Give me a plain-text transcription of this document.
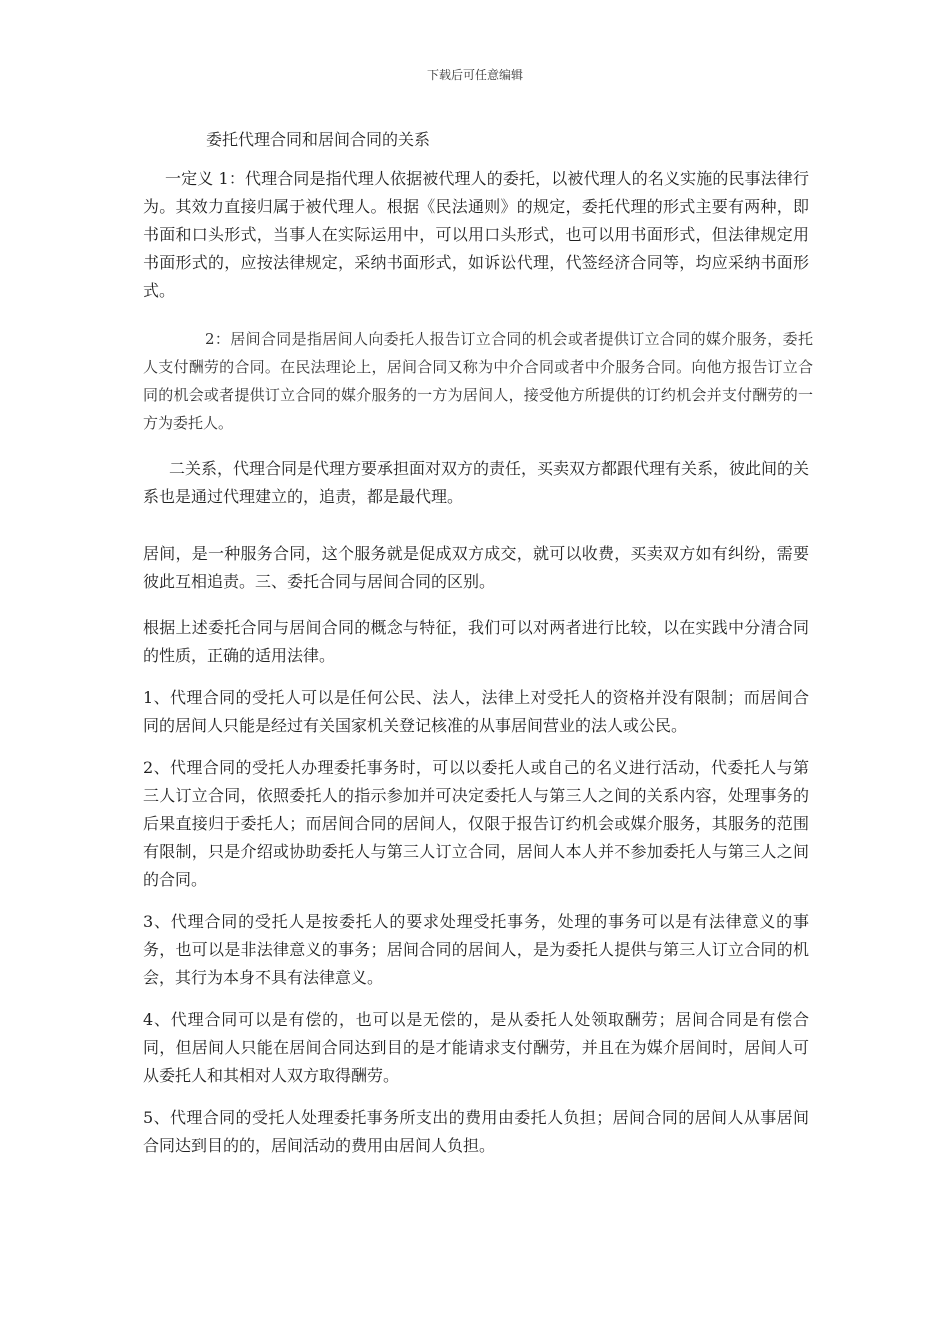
下载后可任意编辑
委托代理合同和居间合同的关系
一定义 1：代理合同是指代理人依据被代理人的委托，以被代理人的名义实施的民事法律行为。其效力直接归属于被代理人。根据《民法通则》的规定，委托代理的形式主要有两种，即书面和口头形式，当事人在实际运用中，可以用口头形式，也可以用书面形式，但法律规定用书面形式的，应按法律规定，采纳书面形式，如诉讼代理，代签经济合同等，均应采纳书面形式。
2：居间合同是指居间人向委托人报告订立合同的机会或者提供订立合同的媒介服务，委托人支付酬劳的合同。在民法理论上，居间合同又称为中介合同或者中介服务合同。向他方报告订立合同的机会或者提供订立合同的媒介服务的一方为居间人，接受他方所提供的订约机会并支付酬劳的一方为委托人。
二关系，代理合同是代理方要承担面对双方的责任，买卖双方都跟代理有关系，彼此间的关系也是通过代理建立的，追责，都是最代理。
居间，是一种服务合同，这个服务就是促成双方成交，就可以收费，买卖双方如有纠纷，需要彼此互相追责。三、委托合同与居间合同的区别。
根据上述委托合同与居间合同的概念与特征，我们可以对两者进行比较，以在实践中分清合同的性质，正确的适用法律。
1、代理合同的受托人可以是任何公民、法人，法律上对受托人的资格并没有限制；而居间合同的居间人只能是经过有关国家机关登记核准的从事居间营业的法人或公民。
2、代理合同的受托人办理委托事务时，可以以委托人或自己的名义进行活动，代委托人与第三人订立合同，依照委托人的指示参加并可决定委托人与第三人之间的关系内容，处理事务的后果直接归于委托人；而居间合同的居间人，仅限于报告订约机会或媒介服务，其服务的范围有限制，只是介绍或协助委托人与第三人订立合同，居间人本人并不参加委托人与第三人之间的合同。
3、代理合同的受托人是按委托人的要求处理受托事务，处理的事务可以是有法律意义的事务，也可以是非法律意义的事务；居间合同的居间人，是为委托人提供与第三人订立合同的机会，其行为本身不具有法律意义。
4、代理合同可以是有偿的，也可以是无偿的，是从委托人处领取酬劳；居间合同是有偿合同，但居间人只能在居间合同达到目的是才能请求支付酬劳，并且在为媒介居间时，居间人可从委托人和其相对人双方取得酬劳。
5、代理合同的受托人处理委托事务所支出的费用由委托人负担；居间合同的居间人从事居间合同达到目的的，居间活动的费用由居间人负担。
